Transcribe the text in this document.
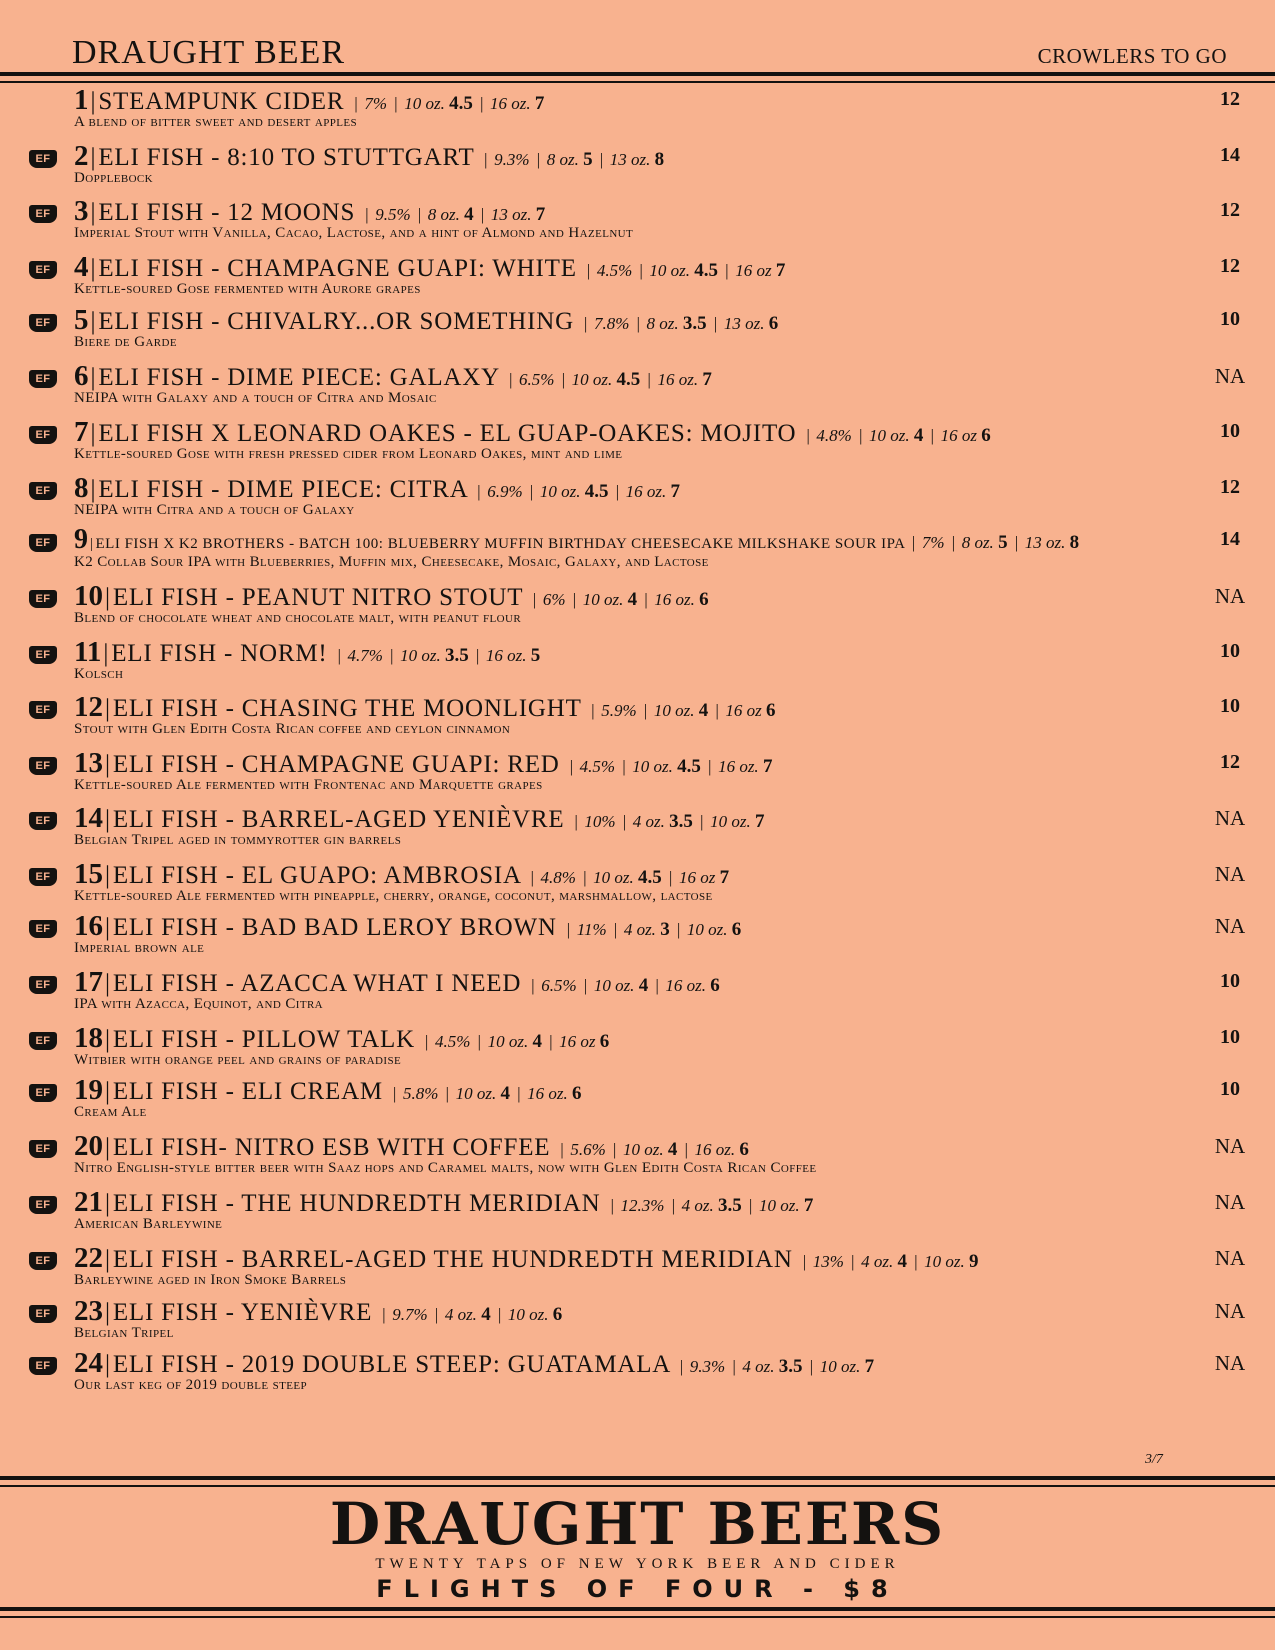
DRAUGHT BEER	CROWLERS TO GO
1|STEAMPUNK CIDER | 7% | 10 oz. 4.5 | 16 oz. 7
A blend of bitter sweet and desert apples
12
EF 2|ELI FISH - 8:10 TO STUTTGART | 9.3% | 8 oz. 5 | 13 oz. 8
Dopplebock
14
EF 3|ELI FISH - 12 MOONS | 9.5% | 8 oz. 4 | 13 oz. 7
Imperial Stout with Vanilla, Cacao, Lactose, and a hint of Almond and Hazelnut
12
EF 4|ELI FISH - CHAMPAGNE GUAPI: WHITE | 4.5% | 10 oz. 4.5 | 16 oz 7
Kettle-soured Gose fermented with Aurore grapes
12
EF 5|ELI FISH - CHIVALRY...OR SOMETHING | 7.8% | 8 oz. 3.5 | 13 oz. 6
Biere de Garde
10
EF 6|ELI FISH - DIME PIECE: GALAXY | 6.5% | 10 oz. 4.5 | 16 oz. 7
NEIPA with Galaxy and a touch of Citra and Mosaic
NA
EF 7|ELI FISH X LEONARD OAKES - EL GUAP-OAKES: MOJITO | 4.8% | 10 oz. 4 | 16 oz 6
Kettle-soured Gose with fresh pressed cider from Leonard Oakes, mint and lime
10
EF 8|ELI FISH - DIME PIECE: CITRA | 6.9% | 10 oz. 4.5 | 16 oz. 7
NEIPA with Citra and a touch of Galaxy
12
EF 9 | ELI FISH X K2 BROTHERS - BATCH 100: BLUEBERRY MUFFIN BIRTHDAY CHEESECAKE MILKSHAKE SOUR IPA | 7% | 8 oz. 5 | 13 oz. 8
K2 Collab Sour IPA with Blueberries, Muffin mix, Cheesecake, Mosaic, Galaxy, and Lactose
14
EF 10|ELI FISH - PEANUT NITRO STOUT | 6% | 10 oz. 4 | 16 oz. 6
Blend of chocolate wheat and chocolate malt, with peanut flour
NA
EF 11|ELI FISH - NORM! | 4.7% | 10 oz. 3.5 | 16 oz. 5
Kolsch
10
EF 12|ELI FISH - CHASING THE MOONLIGHT | 5.9% | 10 oz. 4 | 16 oz 6
Stout with Glen Edith Costa Rican coffee and ceylon cinnamon
10
EF 13|ELI FISH - CHAMPAGNE GUAPI: RED | 4.5% | 10 oz. 4.5 | 16 oz. 7
Kettle-soured Ale fermented with Frontenac and Marquette grapes
12
EF 14|ELI FISH - BARREL-AGED YENIÈVRE | 10% | 4 oz. 3.5 | 10 oz. 7
Belgian Tripel aged in tommyrotter gin barrels
NA
EF 15|ELI FISH - EL GUAPO: AMBROSIA | 4.8% | 10 oz. 4.5 | 16 oz 7
Kettle-soured Ale fermented with pineapple, cherry, orange, coconut, marshmallow, lactose
NA
EF 16|ELI FISH - BAD BAD LEROY BROWN | 11% | 4 oz. 3 | 10 oz. 6
Imperial brown ale
NA
EF 17|ELI FISH - AZACCA WHAT I NEED | 6.5% | 10 oz. 4 | 16 oz. 6
IPA with Azacca, Equinot, and Citra
10
EF 18|ELI FISH - PILLOW TALK | 4.5% | 10 oz. 4 | 16 oz 6
Witbier with orange peel and grains of paradise
10
EF 19|ELI FISH - ELI CREAM | 5.8% | 10 oz. 4 | 16 oz. 6
Cream Ale
10
EF 20|ELI FISH- NITRO ESB WITH COFFEE | 5.6% | 10 oz. 4 | 16 oz. 6
Nitro English-style bitter beer with Saaz hops and Caramel malts, now with Glen Edith Costa Rican Coffee
NA
EF 21|ELI FISH - THE HUNDREDTH MERIDIAN | 12.3% | 4 oz. 3.5 | 10 oz. 7
American Barleywine
NA
EF 22|ELI FISH - BARREL-AGED THE HUNDREDTH MERIDIAN | 13% | 4 oz. 4 | 10 oz. 9
Barleywine aged in Iron Smoke Barrels
NA
EF 23|ELI FISH - YENIÈVRE | 9.7% | 4 oz. 4 | 10 oz. 6
Belgian Tripel
NA
EF 24|ELI FISH - 2019 DOUBLE STEEP: GUATAMALA | 9.3% | 4 oz. 3.5 | 10 oz. 7
Our last keg of 2019 double steep
NA
3/7
DRAUGHT BEERS
TWENTY TAPS OF NEW YORK BEER AND CIDER
FLIGHTS OF FOUR - $8
